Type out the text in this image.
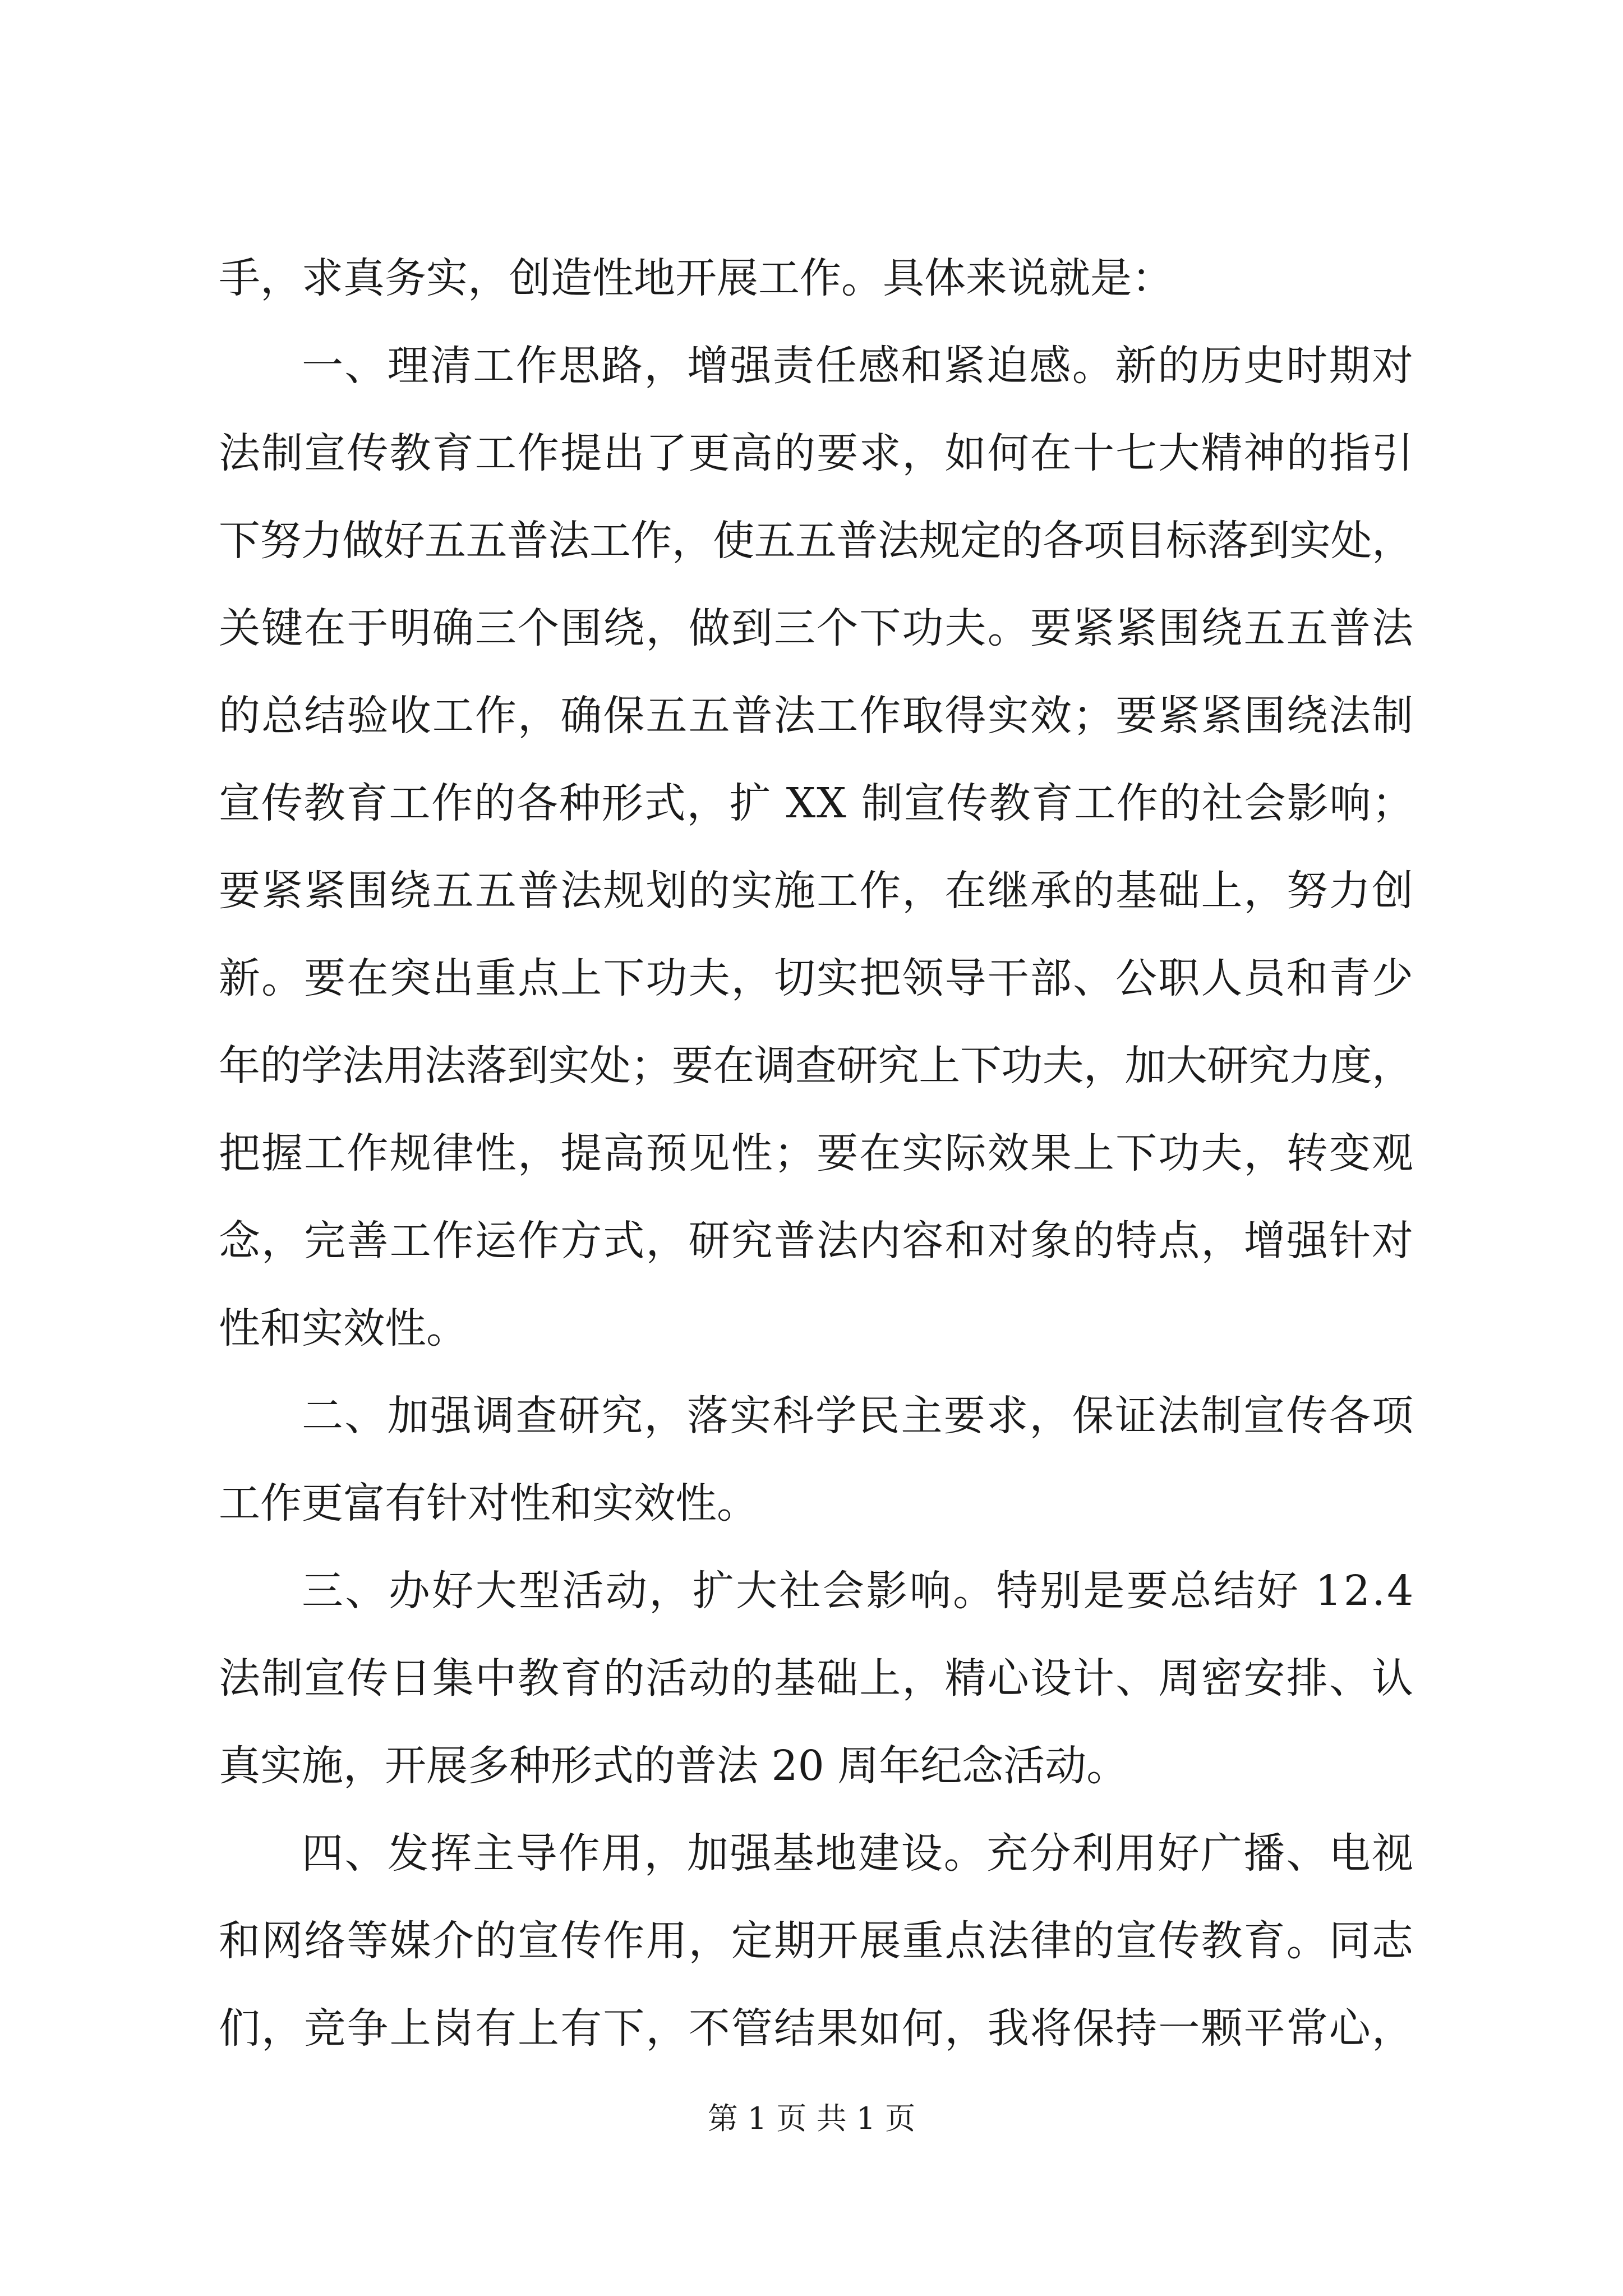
手，求真务实，创造性地开展工作。具体来说就是：
一、理清工作思路，增强责任感和紧迫感。新的历史时期对
法制宣传教育工作提出了更高的要求，如何在十七大精神的指引
下努力做好五五普法工作，使五五普法规定的各项目标落到实处，
关键在于明确三个围绕，做到三个下功夫。要紧紧围绕五五普法
的总结验收工作，确保五五普法工作取得实效；要紧紧围绕法制
宣传教育工作的各种形式，扩 XX 制宣传教育工作的社会影响；
要紧紧围绕五五普法规划的实施工作，在继承的基础上，努力创
新。要在突出重点上下功夫，切实把领导干部、公职人员和青少
年的学法用法落到实处；要在调查研究上下功夫，加大研究力度，
把握工作规律性，提高预见性；要在实际效果上下功夫，转变观
念，完善工作运作方式，研究普法内容和对象的特点，增强针对
性和实效性。
二、加强调查研究，落实科学民主要求，保证法制宣传各项
工作更富有针对性和实效性。
三、办好大型活动，扩大社会影响。特别是要总结好 12.4
法制宣传日集中教育的活动的基础上，精心设计、周密安排、认
真实施，开展多种形式的普法 20 周年纪念活动。
四、发挥主导作用，加强基地建设。充分利用好广播、电视
和网络等媒介的宣传作用，定期开展重点法律的宣传教育。同志
们，竞争上岗有上有下，不管结果如何，我将保持一颗平常心，
第 1 页 共 1 页
